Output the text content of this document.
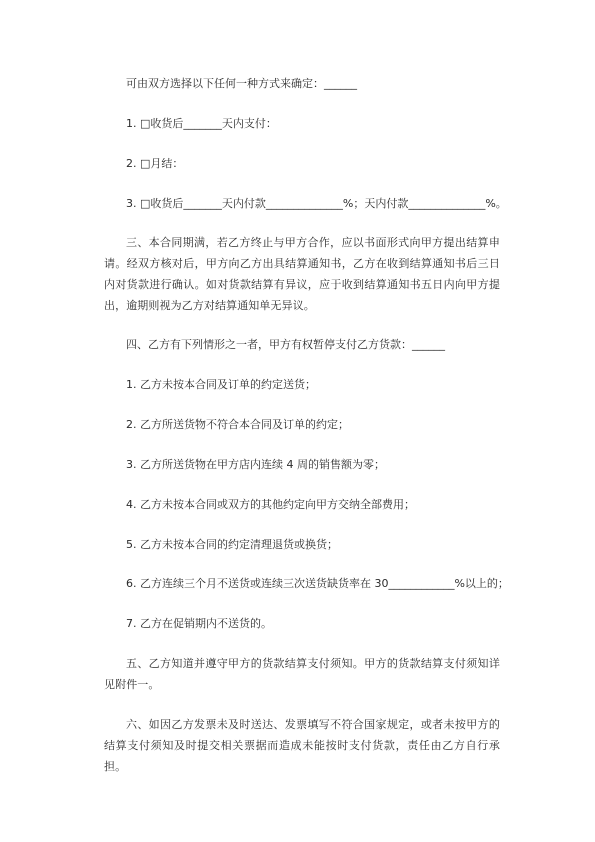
可由双方选择以下任何一种方式来确定：______
1. □收货后_______天内支付：
2. □月结：
3. □收货后_______天内付款______________%；天内付款______________%。
三、本合同期满，若乙方终止与甲方合作，应以书面形式向甲方提出结算申请。经双方核对后，甲方向乙方出具结算通知书，乙方在收到结算通知书后三日内对货款进行确认。如对货款结算有异议，应于收到结算通知书五日内向甲方提出，逾期则视为乙方对结算通知单无异议。
四、乙方有下列情形之一者，甲方有权暂停支付乙方货款：______
1. 乙方未按本合同及订单的约定送货；
2. 乙方所送货物不符合本合同及订单的约定；
3. 乙方所送货物在甲方店内连续 4 周的销售额为零；
4. 乙方未按本合同或双方的其他约定向甲方交纳全部费用；
5. 乙方未按本合同的约定清理退货或换货；
6. 乙方连续三个月不送货或连续三次送货缺货率在 30____________%以上的；
7. 乙方在促销期内不送货的。
五、乙方知道并遵守甲方的货款结算支付须知。甲方的货款结算支付须知详见附件一。
六、如因乙方发票未及时送达、发票填写不符合国家规定，或者未按甲方的结算支付须知及时提交相关票据而造成未能按时支付货款，责任由乙方自行承担。
